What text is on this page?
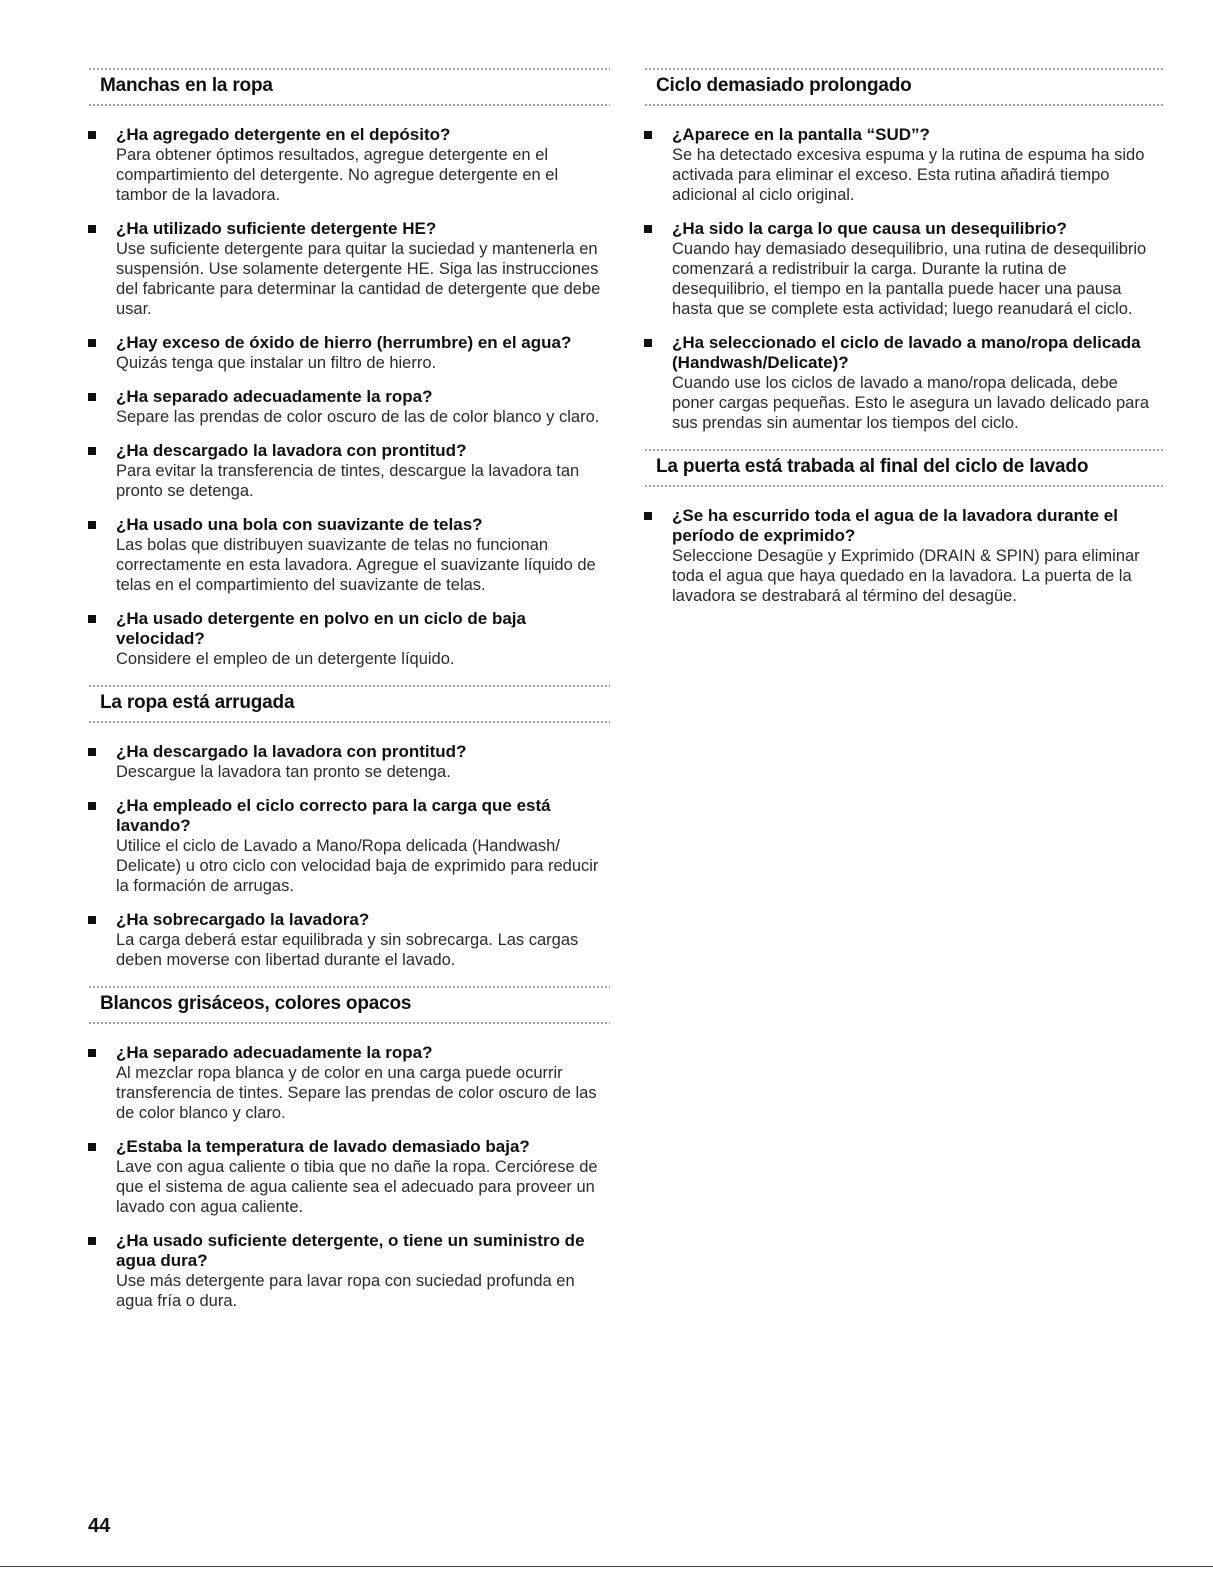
Manchas en la ropa
¿Ha agregado detergente en el depósito?
Para obtener óptimos resultados, agregue detergente en el compartimiento del detergente. No agregue detergente en el tambor de la lavadora.
¿Ha utilizado suficiente detergente HE?
Use suficiente detergente para quitar la suciedad y mantenerla en suspensión. Use solamente detergente HE. Siga las instrucciones del fabricante para determinar la cantidad de detergente que debe usar.
¿Hay exceso de óxido de hierro (herrumbre) en el agua?
Quizás tenga que instalar un filtro de hierro.
¿Ha separado adecuadamente la ropa?
Separe las prendas de color oscuro de las de color blanco y claro.
¿Ha descargado la lavadora con prontitud?
Para evitar la transferencia de tintes, descargue la lavadora tan pronto se detenga.
¿Ha usado una bola con suavizante de telas?
Las bolas que distribuyen suavizante de telas no funcionan correctamente en esta lavadora. Agregue el suavizante líquido de telas en el compartimiento del suavizante de telas.
¿Ha usado detergente en polvo en un ciclo de baja velocidad?
Considere el empleo de un detergente líquido.
La ropa está arrugada
¿Ha descargado la lavadora con prontitud?
Descargue la lavadora tan pronto se detenga.
¿Ha empleado el ciclo correcto para la carga que está lavando?
Utilice el ciclo de Lavado a Mano/Ropa delicada (Handwash/ Delicate) u otro ciclo con velocidad baja de exprimido para reducir la formación de arrugas.
¿Ha sobrecargado la lavadora?
La carga deberá estar equilibrada y sin sobrecarga. Las cargas deben moverse con libertad durante el lavado.
Blancos grisáceos, colores opacos
¿Ha separado adecuadamente la ropa?
Al mezclar ropa blanca y de color en una carga puede ocurrir transferencia de tintes. Separe las prendas de color oscuro de las de color blanco y claro.
¿Estaba la temperatura de lavado demasiado baja?
Lave con agua caliente o tibia que no dañe la ropa. Cerciórese de que el sistema de agua caliente sea el adecuado para proveer un lavado con agua caliente.
¿Ha usado suficiente detergente, o tiene un suministro de agua dura?
Use más detergente para lavar ropa con suciedad profunda en agua fría o dura.
Ciclo demasiado prolongado
¿Aparece en la pantalla “SUD”?
Se ha detectado excesiva espuma y la rutina de espuma ha sido activada para eliminar el exceso. Esta rutina añadirá tiempo adicional al ciclo original.
¿Ha sido la carga lo que causa un desequilibrio?
Cuando hay demasiado desequilibrio, una rutina de desequilibrio comenzará a redistribuir la carga. Durante la rutina de desequilibrio, el tiempo en la pantalla puede hacer una pausa hasta que se complete esta actividad; luego reanudará el ciclo.
¿Ha seleccionado el ciclo de lavado a mano/ropa delicada (Handwash/Delicate)?
Cuando use los ciclos de lavado a mano/ropa delicada, debe poner cargas pequeñas. Esto le asegura un lavado delicado para sus prendas sin aumentar los tiempos del ciclo.
La puerta está trabada al final del ciclo de lavado
¿Se ha escurrido toda el agua de la lavadora durante el período de exprimido?
Seleccione Desagüe y Exprimido (DRAIN & SPIN) para eliminar toda el agua que haya quedado en la lavadora. La puerta de la lavadora se destrabará al término del desagüe.
44
